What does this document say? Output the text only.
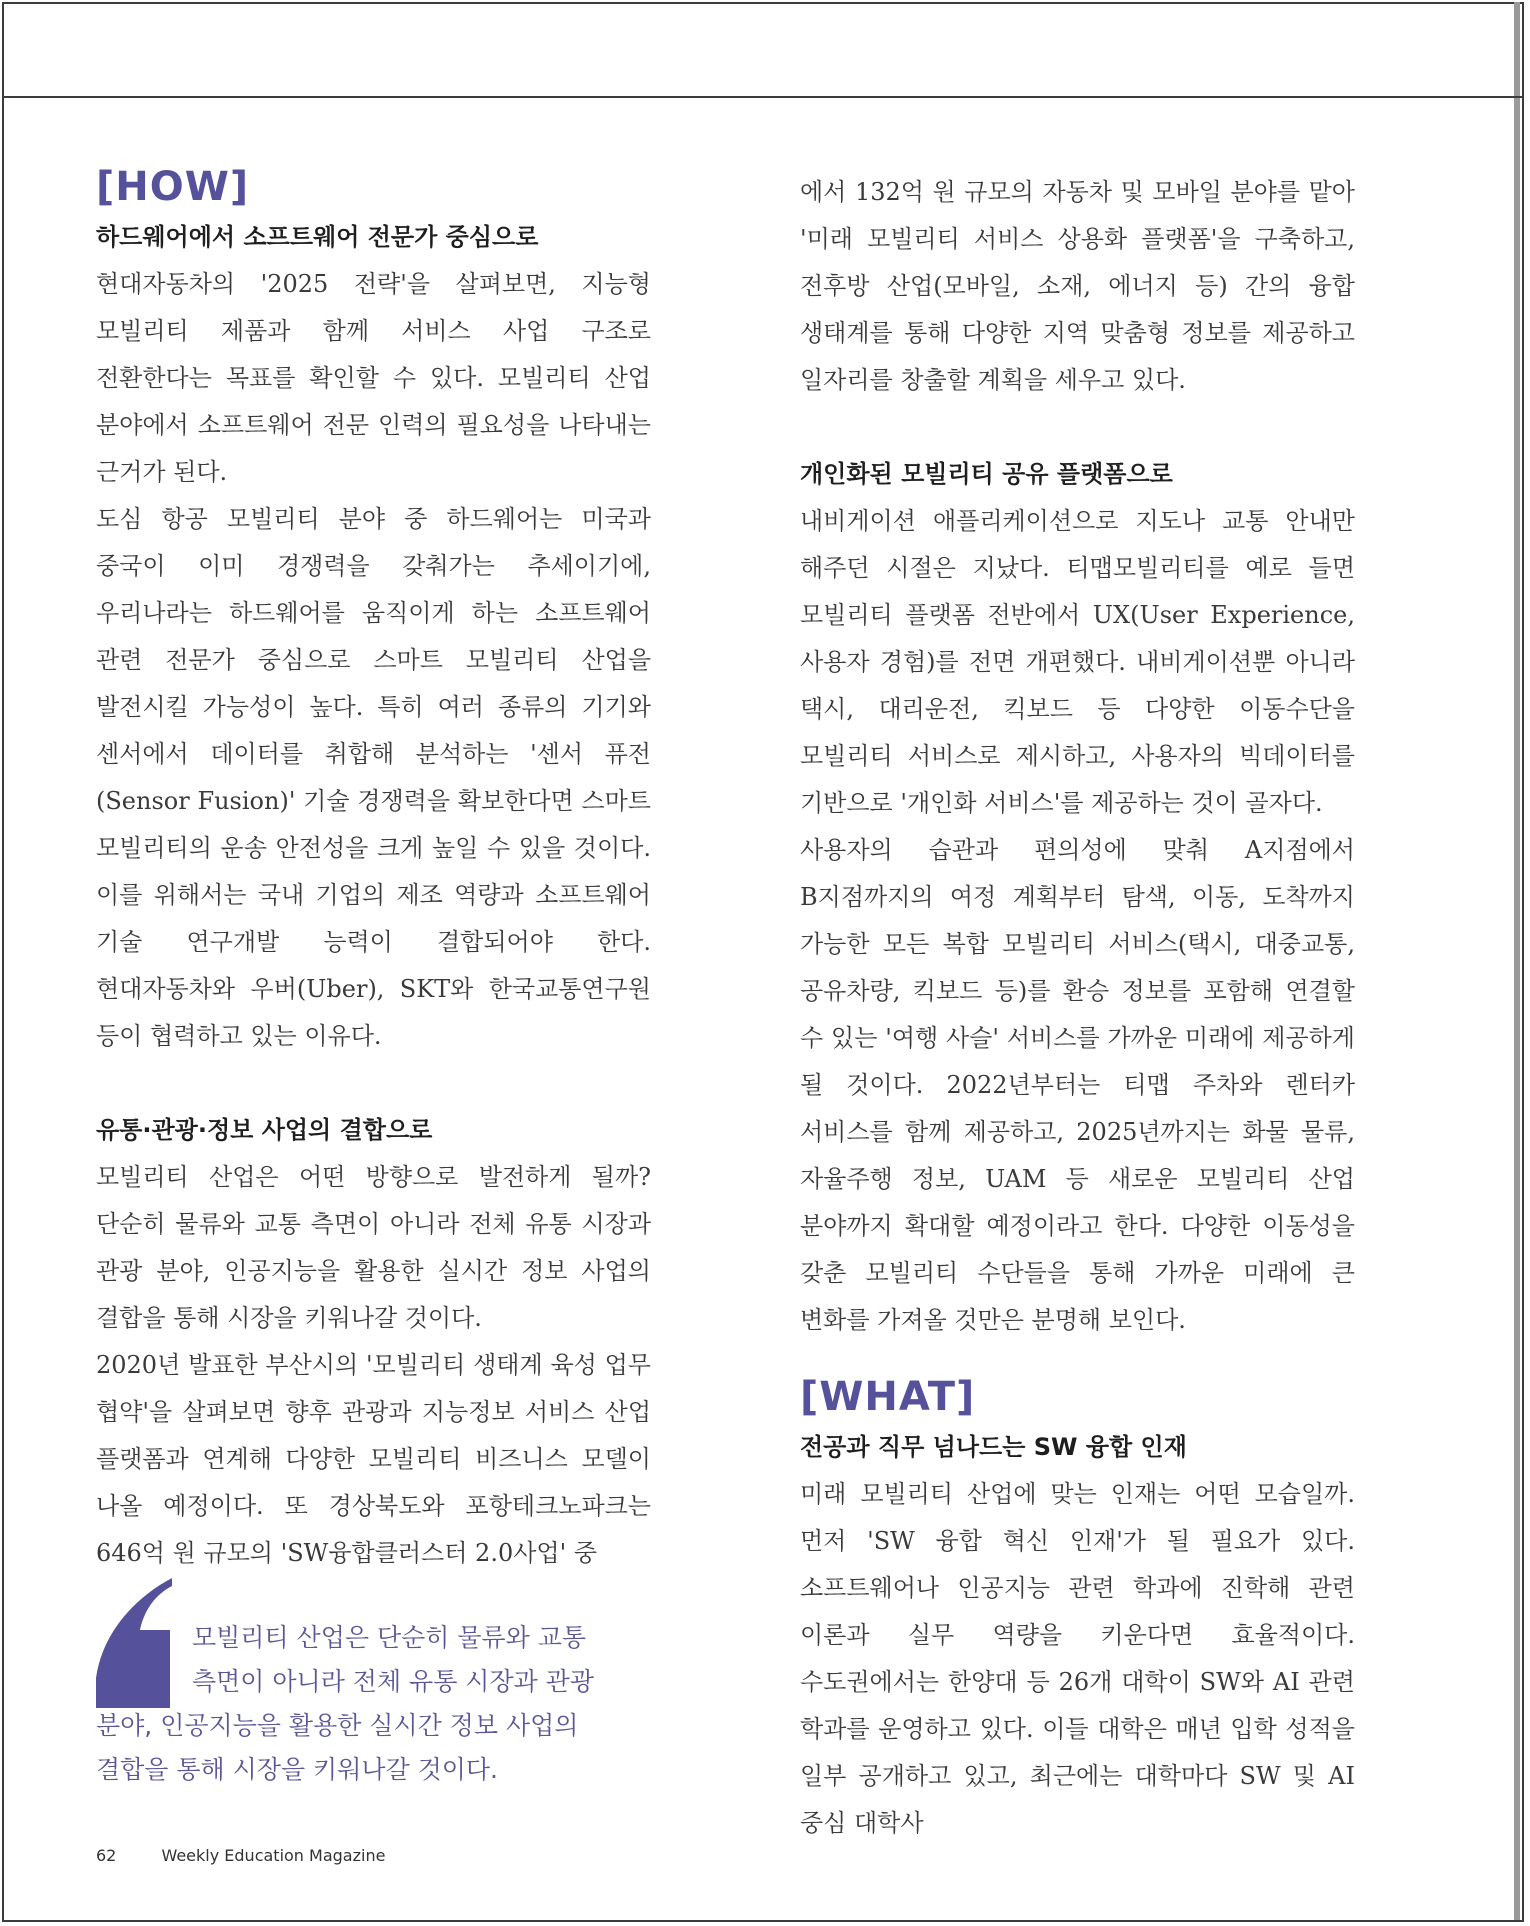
[HOW]
하드웨어에서 소프트웨어 전문가 중심으로

현대자동차의 '2025 전략'을 살펴보면, 지능형 모빌리티 제품과 함께 서비스 사업 구조로 전환한다는 목표를 확인할 수 있다. 모빌리티 산업 분야에서 소프트웨어 전문 인력의 필요성을 나타내는 근거가 된다.

도심 항공 모빌리티 분야 중 하드웨어는 미국과 중국이 이미 경쟁력을 갖춰가는 추세이기에, 우리나라는 하드웨어를 움직이게 하는 소프트웨어 관련 전문가 중심으로 스마트 모빌리티 산업을 발전시킬 가능성이 높다. 특히 여러 종류의 기기와 센서에서 데이터를 취합해 분석하는 '센서 퓨전(Sensor Fusion)' 기술 경쟁력을 확보한다면 스마트 모빌리티의 운송 안전성을 크게 높일 수 있을 것이다. 이를 위해서는 국내 기업의 제조 역량과 소프트웨어 기술 연구개발 능력이 결합되어야 한다. 현대자동차와 우버(Uber), SKT와 한국교통연구원 등이 협력하고 있는 이유다.

유통·관광·정보 사업의 결합으로

모빌리티 산업은 어떤 방향으로 발전하게 될까? 단순히 물류와 교통 측면이 아니라 전체 유통 시장과 관광 분야, 인공지능을 활용한 실시간 정보 사업의 결합을 통해 시장을 키워나갈 것이다.

2020년 발표한 부산시의 '모빌리티 생태계 육성 업무 협약'을 살펴보면 향후 관광과 지능정보 서비스 산업 플랫폼과 연계해 다양한 모빌리티 비즈니스 모델이 나올 예정이다. 또 경상북도와 포항테크노파크는 646억 원 규모의 'SW융합클러스터 2.0사업' 중

모빌리티 산업은 단순히 물류와 교통
측면이 아니라 전체 유통 시장과 관광
분야, 인공지능을 활용한 실시간 정보 사업의
결합을 통해 시장을 키워나갈 것이다.

에서 132억 원 규모의 자동차 및 모바일 분야를 맡아 '미래 모빌리티 서비스 상용화 플랫폼'을 구축하고, 전후방 산업(모바일, 소재, 에너지 등) 간의 융합 생태계를 통해 다양한 지역 맞춤형 정보를 제공하고 일자리를 창출할 계획을 세우고 있다.

개인화된 모빌리티 공유 플랫폼으로

내비게이션 애플리케이션으로 지도나 교통 안내만 해주던 시절은 지났다. 티맵모빌리티를 예로 들면 모빌리티 플랫폼 전반에서 UX(User Experience, 사용자 경험)를 전면 개편했다. 내비게이션뿐 아니라 택시, 대리운전, 킥보드 등 다양한 이동수단을 모빌리티 서비스로 제시하고, 사용자의 빅데이터를 기반으로 '개인화 서비스'를 제공하는 것이 골자다.

사용자의 습관과 편의성에 맞춰 A지점에서 B지점까지의 여정 계획부터 탐색, 이동, 도착까지 가능한 모든 복합 모빌리티 서비스(택시, 대중교통, 공유차량, 킥보드 등)를 환승 정보를 포함해 연결할 수 있는 '여행 사슬' 서비스를 가까운 미래에 제공하게 될 것이다. 2022년부터는 티맵 주차와 렌터카 서비스를 함께 제공하고, 2025년까지는 화물 물류, 자율주행 정보, UAM 등 새로운 모빌리티 산업 분야까지 확대할 예정이라고 한다. 다양한 이동성을 갖춘 모빌리티 수단들을 통해 가까운 미래에 큰 변화를 가져올 것만은 분명해 보인다.

[WHAT]
전공과 직무 넘나드는 SW 융합 인재

미래 모빌리티 산업에 맞는 인재는 어떤 모습일까. 먼저 'SW 융합 혁신 인재'가 될 필요가 있다. 소프트웨어나 인공지능 관련 학과에 진학해 관련 이론과 실무 역량을 키운다면 효율적이다. 수도권에서는 한양대 등 26개 대학이 SW와 AI 관련 학과를 운영하고 있다. 이들 대학은 매년 입학 성적을 일부 공개하고 있고, 최근에는 대학마다 SW 및 AI 중심 대학사

62	Weekly Education Magazine
